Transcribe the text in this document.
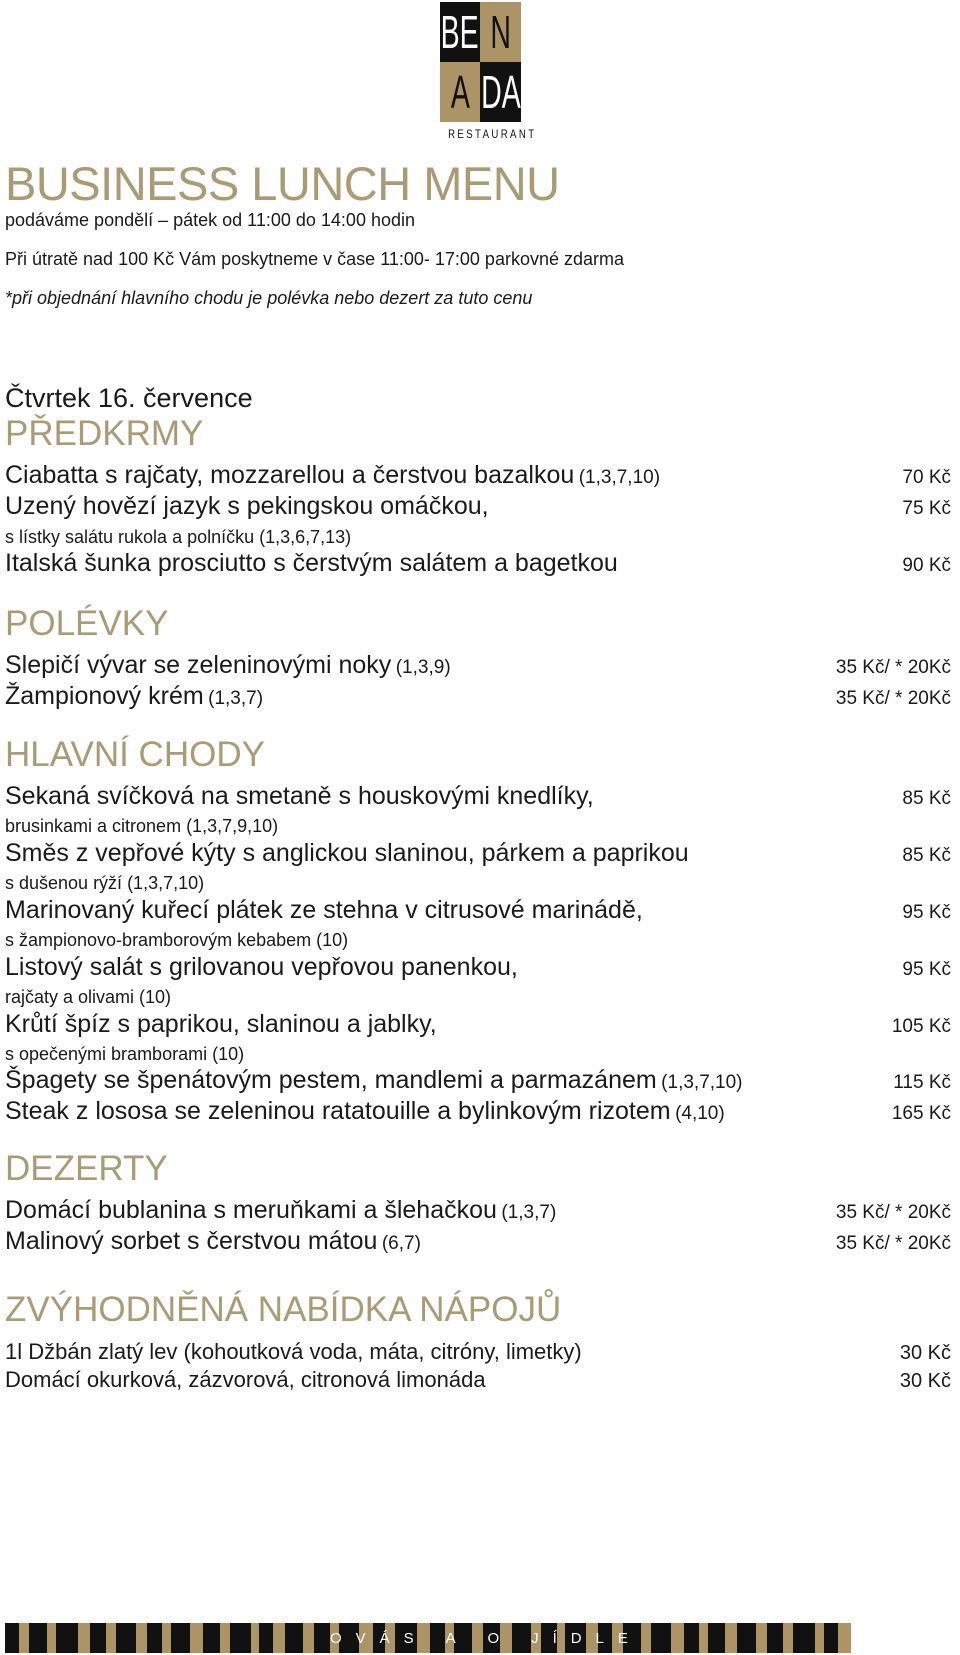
BE N
A DA
RESTAURANT
BUSINESS LUNCH MENU
podáváme pondělí – pátek od 11:00 do 14:00 hodin
Při útratě nad 100 Kč Vám poskytneme v čase 11:00- 17:00 parkovné zdarma
*při objednání hlavního chodu je polévka nebo dezert za tuto cenu
Čtvrtek 16. července
PŘEDKRMY
Ciabatta s rajčaty, mozzarellou a čerstvou bazalkou (1,3,7,10)	70 Kč
Uzený hovězí jazyk s pekingskou omáčkou,	75 Kč
s lístky salátu rukola a polníčku (1,3,6,7,13)
Italská šunka prosciutto s čerstvým salátem a bagetkou	90 Kč
POLÉVKY
Slepičí vývar se zeleninovými noky (1,3,9)	35 Kč/ * 20Kč
Žampionový krém (1,3,7)	35 Kč/ * 20Kč
HLAVNÍ CHODY
Sekaná svíčková na smetaně s houskovými knedlíky,	85 Kč
brusinkami a citronem (1,3,7,9,10)
Směs z vepřové kýty s anglickou slaninou, párkem a paprikou	85 Kč
s dušenou rýží (1,3,7,10)
Marinovaný kuřecí plátek ze stehna v citrusové marinádě,	95 Kč
s žampionovo-bramborovým kebabem (10)
Listový salát s grilovanou vepřovou panenkou,	95 Kč
rajčaty a olivami (10)
Krůtí špíz s paprikou, slaninou a jablky,	105 Kč
s opečenými bramborami (10)
Špagety se špenátovým pestem, mandlemi a parmazánem (1,3,7,10)	115 Kč
Steak z lososa se zeleninou ratatouille a bylinkovým rizotem (4,10)	165 Kč
DEZERTY
Domácí bublanina s meruňkami a šlehačkou (1,3,7)	35 Kč/ * 20Kč
Malinový sorbet s čerstvou mátou (6,7)	35 Kč/ * 20Kč
ZVÝHODNĚNÁ NABÍDKA NÁPOJŮ
1l Džbán zlatý lev (kohoutková voda, máta, citróny, limetky)	30 Kč
Domácí okurková, zázvorová, citronová limonáda	30 Kč
O V Á S A O J Í D L E
